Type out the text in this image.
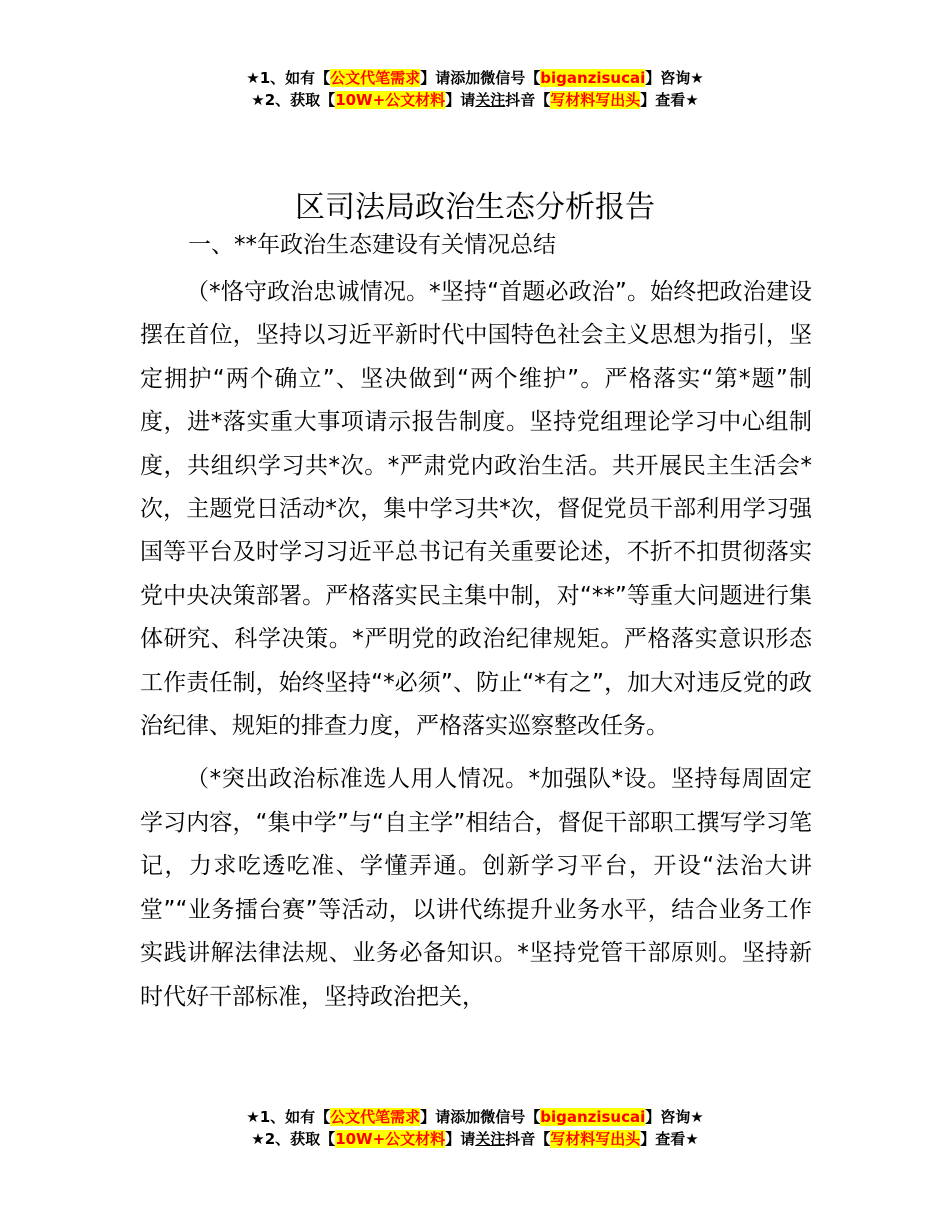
★1、如有【公文代笔需求】请添加微信号【biganzisucai】咨询★
★2、获取【10W+公文材料】请关注抖音【写材料写出头】查看★
区司法局政治生态分析报告

一、**年政治生态建设有关情况总结

（*恪守政治忠诚情况。*坚持“首题必政治”。始终把政治建设摆在首位，坚持以习近平新时代中国特色社会主义思想为指引，坚定拥护“两个确立”、坚决做到“两个维护”。严格落实“第*题”制度，进*落实重大事项请示报告制度。坚持党组理论学习中心组制度，共组织学习共*次。*严肃党内政治生活。共开展民主生活会*次，主题党日活动*次，集中学习共*次，督促党员干部利用学习强国等平台及时学习习近平总书记有关重要论述，不折不扣贯彻落实党中央决策部署。严格落实民主集中制，对“**”等重大问题进行集体研究、科学决策。*严明党的政治纪律规矩。严格落实意识形态工作责任制，始终坚持“*必须”、防止“*有之”，加大对违反党的政治纪律、规矩的排查力度，严格落实巡察整改任务。

（*突出政治标准选人用人情况。*加强队*设。坚持每周固定学习内容，“集中学”与“自主学”相结合，督促干部职工撰写学习笔记，力求吃透吃准、学懂弄通。创新学习平台，开设“法治大讲堂”“业务擂台赛”等活动，以讲代练提升业务水平，结合业务工作实践讲解法律法规、业务必备知识。*坚持党管干部原则。坚持新时代好干部标准，坚持政治把关，

★1、如有【公文代笔需求】请添加微信号【biganzisucai】咨询★
★2、获取【10W+公文材料】请关注抖音【写材料写出头】查看★
